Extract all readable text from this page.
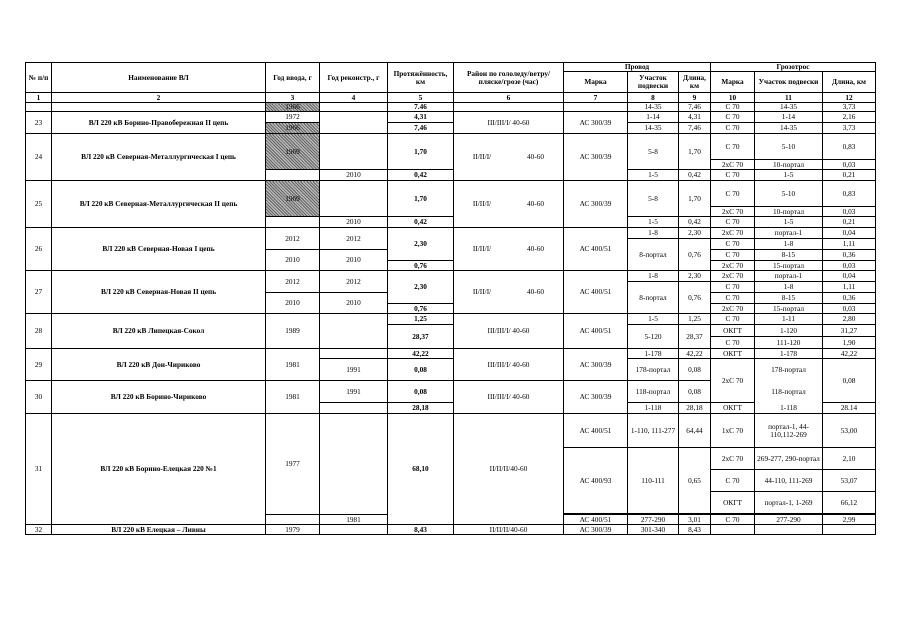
№ п/п	Наименование ВЛ	Год ввода, г	Год реконстр., г	Протяжённость, км	Район по гололеду/ветру/ пляске/грозе (час)	Провод			Грозотрос		
						Марка	Участок подвески	Длина, км	Марка	Участок подвески	Длина, км
1	2	3	4	5	6	7	8	9	10	11	12
		1966		7.46			14-35	7,46	С 70	14-35	3,73
23	ВЛ 220 кВ Борино-Правобережная II цепь	1972		4,31	III/III/I/ 40-60	АС 300/39	1-14	4,31	С 70	1-14	2,16
		1966		7,46			14-35	7,46	С 70	14-35	3,73
24	ВЛ 220 кВ Северная-Металлургическая I цепь	1969		1,70	II/II/I/ 40-60	АС 300/39	5-8	1,70	С 70	5-10	0,83
									2хС 70	10-портал	0,03
			2010	0,42			1-5	0,42	С 70	1-5	0,21
25	ВЛ 220 кВ Северная-Металлургическая II цепь	1969		1,70	II/II/I/ 40-60	АС 300/39	5-8	1,70	С 70	5-10	0,83
									2хС 70	10-портал	0,03
			2010	0,42			1-5	0,42	С 70	1-5	0,21
26	ВЛ 220 кВ Северная-Новая I цепь	2012	2012	2,30	II/II/I/ 40-60	АС 400/51	1-8	2,30	2хС 70	портал-1	0,04
							8-портал	0,76	С 70	1-8	1,11
		2010	2010						С 70	8-15	0,36
				0,76					2хС 70	15-портал	0,03
27	ВЛ 220 кВ Северная-Новая II цепь	2012	2012	2,30	II/II/I/ 40-60	АС 400/51	1-8	2,30	2хС 70	портал-1	0,04
							8-портал	0,76	С 70	1-8	1,11
		2010	2010						С 70	8-15	0,36
				0,76					2хС 70	15-портал	0,03
28	ВЛ 220 кВ Липецкая-Сокол	1989		1,25	III/III/I/ 40-60	АС 400/51	1-5	1,25	С 70	1-11	2,80
				28,37			5-120	28,37	ОКГТ	1-120	31,27
									С 70	111-120	1,90
29	ВЛ 220 кВ Дон-Чириково	1981		42,22	III/III/I/ 40-60	АС 300/39	1-178	42,22	ОКГТ	1-178	42,22
			1991	0,08			178-портал	0,08	2хС 70	178-портал	0,08
30	ВЛ 220 кВ Борино-Чириково	1981	1991	0,08	III/III/I/ 40-60	АС 300/39	118-портал	0,08		118-портал	
				28,18			1-118	28,18	ОКГТ	1-118	28.14
31	ВЛ 220 кВ Борино-Елецкая 220 №1	1977		68,10	II/II/II/40-60	АС 400/51	1-110, 111-277	64,44	1хС 70	портал-1, 44-110,112-269	53,00
						АС 400/93	110-111	0,65	2хС 70	269-277, 290-портал	2,10
									С 70	44-110, 111-269	53,07
									ОКГТ	портал-1, 1-269	66,12

			1981			АС 400/51	277-290	3,01	С 70	277-290	2,99
32	ВЛ 220 кВ Елецкая – Ливны	1979		8,43	II/II/II/40-60	АС 300/39	301-340	8,43			
